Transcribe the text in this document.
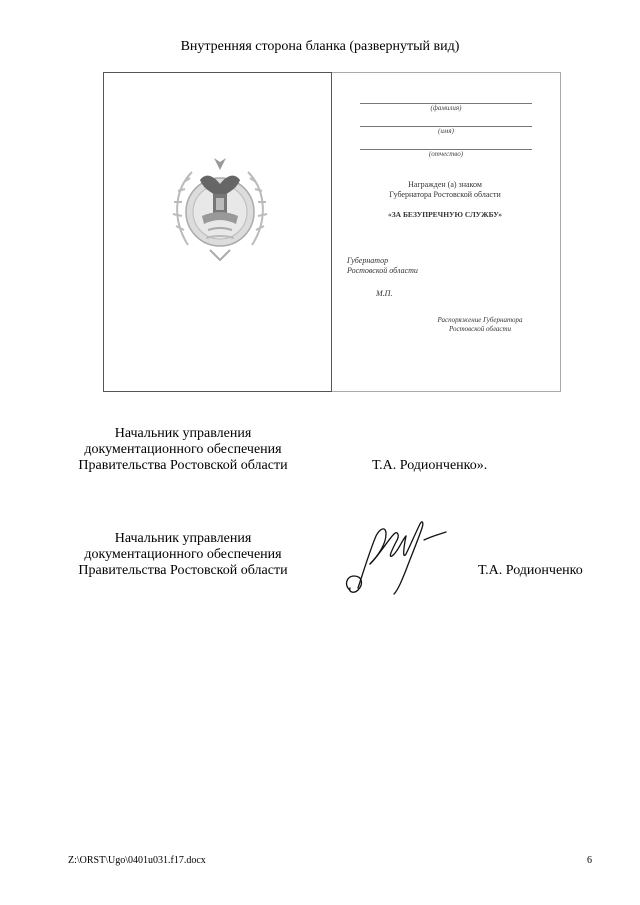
Внутренняя сторона бланка (развернутый вид)
(фамилия)
(имя)
(отчество)
Награжден (а) знаком
Губернатора Ростовской области
«ЗА БЕЗУПРЕЧНУЮ СЛУЖБУ»
Губернатор
Ростовской области
М.П.
Распоряжение Губернатора
Ростовской области
Начальник управления
документационного обеспечения
Правительства Ростовской области	Т.А. Родионченко».
Начальник управления
документационного обеспечения
Правительства Ростовской области	Т.А. Родионченко
Z:\ORST\Ugo\0401u031.f17.docx	6
